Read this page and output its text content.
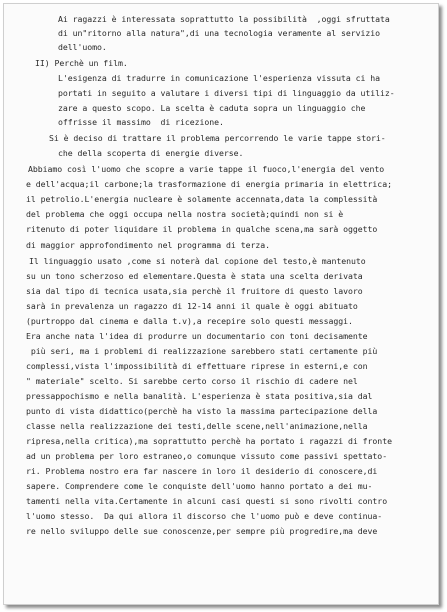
Ai ragazzi è interessata soprattutto la possibilità  ,oggi sfruttata
di un"ritorno alla natura",di una tecnologia veramente al servizio
dell'uomo.
II) Perchè un film.
L'esigenza di tradurre in comunicazione l'esperienza vissuta ci ha
portati in seguito a valutare i diversi tipi di linguaggio da utiliz-
zare a questo scopo. La scelta è caduta sopra un linguaggio che
offrisse il massimo  di ricezione.
Si è deciso di trattare il problema percorrendo le varie tappe stori-
che della scoperta di energie diverse.
Abbiamo così l'uomo che scopre a varie tappe il fuoco,l'energia del vento
e dell'acqua;il carbone;la trasformazione di energia primaria in elettrica;
il petrolio.L'energia nucleare è solamente accennata,data la complessità
del problema che oggi occupa nella nostra società;quindi non si è
ritenuto di poter liquidare il problema in qualche scena,ma sarà oggetto
di maggior approfondimento nel programma di terza.
Il linguaggio usato ,come si noterà dal copione del testo,è mantenuto
su un tono scherzoso ed elementare.Questa è stata una scelta derivata
sia dal tipo di tecnica usata,sia perchè il fruitore di questo lavoro
sarà in prevalenza un ragazzo di 12-14 anni il quale è oggi abituato
(purtroppo dal cinema e dalla t.v),a recepire solo questi messaggi.
Era anche nata l'idea di produrre un documentario con toni decisamente
più seri, ma i problemi di realizzazione sarebbero stati certamente più
complessi,vista l'impossibilità di effettuare riprese in esterni,e con
" materiale" scelto. Si sarebbe certo corso il rischio di cadere nel
pressappochismo e nella banalità. L'esperienza è stata positiva,sia dal
punto di vista didattico(perchè ha visto la massima partecipazione della
classe nella realizzazione dei testi,delle scene,nell'animazione,nella
ripresa,nella critica),ma soprattutto perchè ha portato i ragazzi di fronte
ad un problema per loro estraneo,o comunque vissuto come passivi spettato-
ri. Problema nostro era far nascere in loro il desiderio di conoscere,di
sapere. Comprendere come le conquiste dell'uomo hanno portato a dei mu-
tamenti nella vita.Certamente in alcuni casi questi si sono rivolti contro
l'uomo stesso.  Da qui allora il discorso che l'uomo può e deve continua-
re nello sviluppo delle sue conoscenze,per sempre più progredire,ma deve
